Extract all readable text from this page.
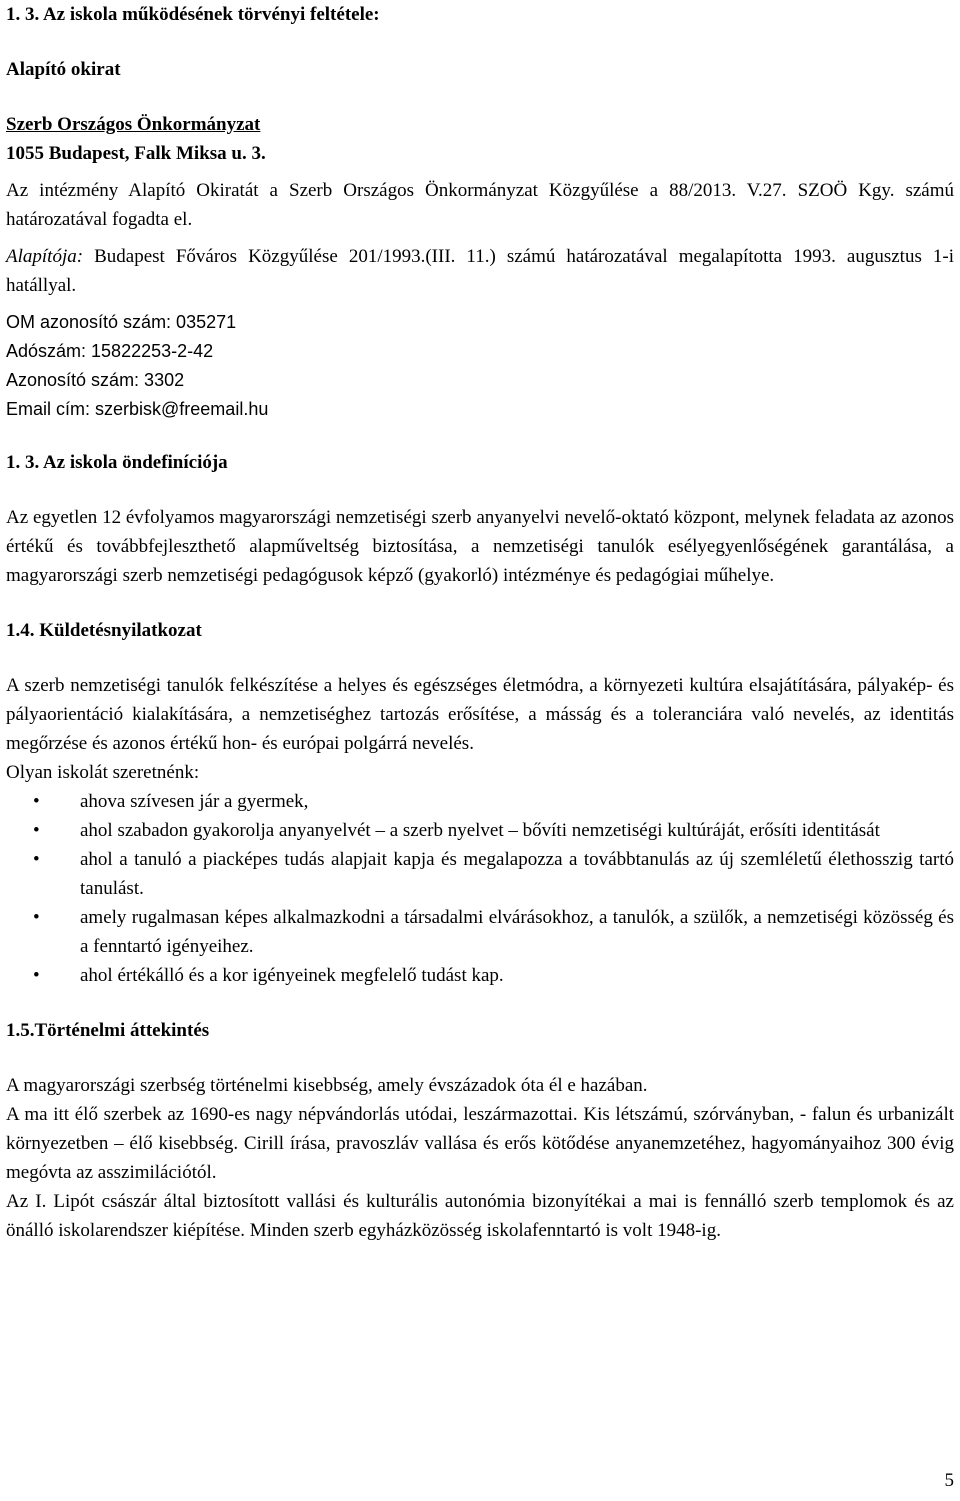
1. 3. Az iskola működésének törvényi feltétele:

Alapító okirat

Szerb Országos Önkormányzat

1055 Budapest, Falk Miksa u. 3.

Az intézmény Alapító Okiratát a Szerb Országos Önkormányzat Közgyűlése a 88/2013. V.27. SZOÖ Kgy. számú határozatával fogadta el.

Alapítója: Budapest Főváros Közgyűlése 201/1993.(III. 11.) számú határozatával megalapította 1993. augusztus 1-i hatállyal.

OM azonosító szám: 035271

Adószám: 15822253-2-42

Azonosító szám: 3302

Email cím: szerbisk@freemail.hu

1. 3. Az iskola öndefiníciója

Az egyetlen 12 évfolyamos magyarországi nemzetiségi szerb anyanyelvi nevelő-oktató központ, melynek feladata az azonos értékű és továbbfejleszthető alapműveltség biztosítása, a nemzetiségi tanulók esélyegyenlőségének garantálása, a magyarországi szerb nemzetiségi pedagógusok képző (gyakorló) intézménye és pedagógiai műhelye.

1.4. Küldetésnyilatkozat

A szerb nemzetiségi tanulók felkészítése a helyes és egészséges életmódra, a környezeti kultúra elsajátítására, pályakép- és pályaorientáció kialakítására, a nemzetiséghez tartozás erősítése, a másság és a toleranciára való nevelés, az identitás megőrzése és azonos értékű hon- és európai polgárrá nevelés.

Olyan iskolát szeretnénk:

•	ahova szívesen jár a gyermek,
•	ahol szabadon gyakorolja anyanyelvét – a szerb nyelvet – bővíti nemzetiségi kultúráját, erősíti identitását
•	ahol a tanuló a piacképes tudás alapjait kapja és megalapozza a továbbtanulás az új szemléletű élethosszig tartó tanulást.
•	amely rugalmasan képes alkalmazkodni a társadalmi elvárásokhoz, a tanulók, a szülők, a nemzetiségi közösség és a fenntartó igényeihez.
•	ahol értékálló és a kor igényeinek megfelelő tudást kap.

1.5.Történelmi áttekintés

A magyarországi szerbség történelmi kisebbség, amely évszázadok óta él e hazában.

A ma itt élő szerbek az 1690-es nagy népvándorlás utódai, leszármazottai. Kis létszámú, szórványban, - falun és urbanizált környezetben – élő kisebbség. Cirill írása, pravoszláv vallása és erős kötődése anyanemzetéhez, hagyományaihoz 300 évig megóvta az asszimilációtól.

Az I. Lipót császár által biztosított vallási és kulturális autonómia bizonyítékai a mai is fennálló szerb templomok és az önálló iskolarendszer kiépítése. Minden szerb egyházközösség iskolafenntartó is volt 1948-ig.

5
